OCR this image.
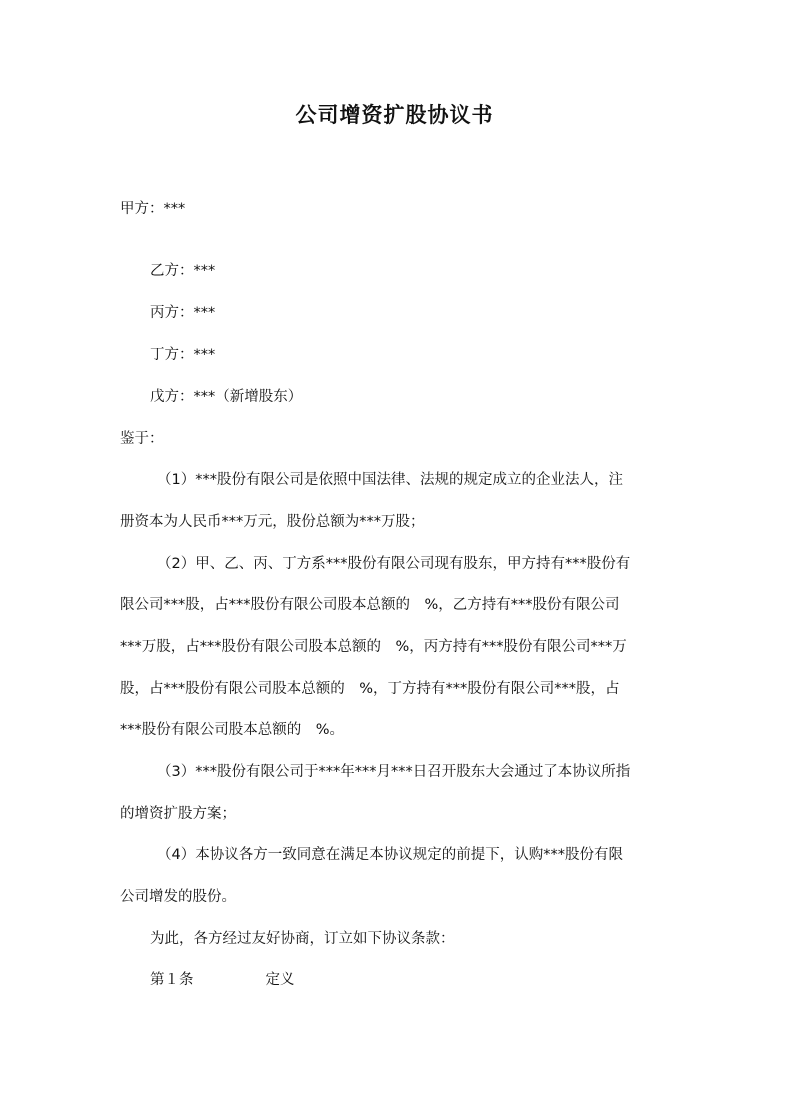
公司增资扩股协议书
甲方：***
乙方：***
丙方：***
丁方：***
戊方：***（新增股东）
鉴于：
（1）***股份有限公司是依照中国法律、法规的规定成立的企业法人，注
册资本为人民币***万元，股份总额为***万股；
（2）甲、乙、丙、丁方系***股份有限公司现有股东，甲方持有***股份有
限公司***股，占***股份有限公司股本总额的　%，乙方持有***股份有限公司
***万股，占***股份有限公司股本总额的　%，丙方持有***股份有限公司***万
股，占***股份有限公司股本总额的　%，丁方持有***股份有限公司***股，占
***股份有限公司股本总额的　%。
（3）***股份有限公司于***年***月***日召开股东大会通过了本协议所指
的增资扩股方案；
（4）本协议各方一致同意在满足本协议规定的前提下，认购***股份有限
公司增发的股份。
为此，各方经过友好协商，订立如下协议条款：
第１条	定义
